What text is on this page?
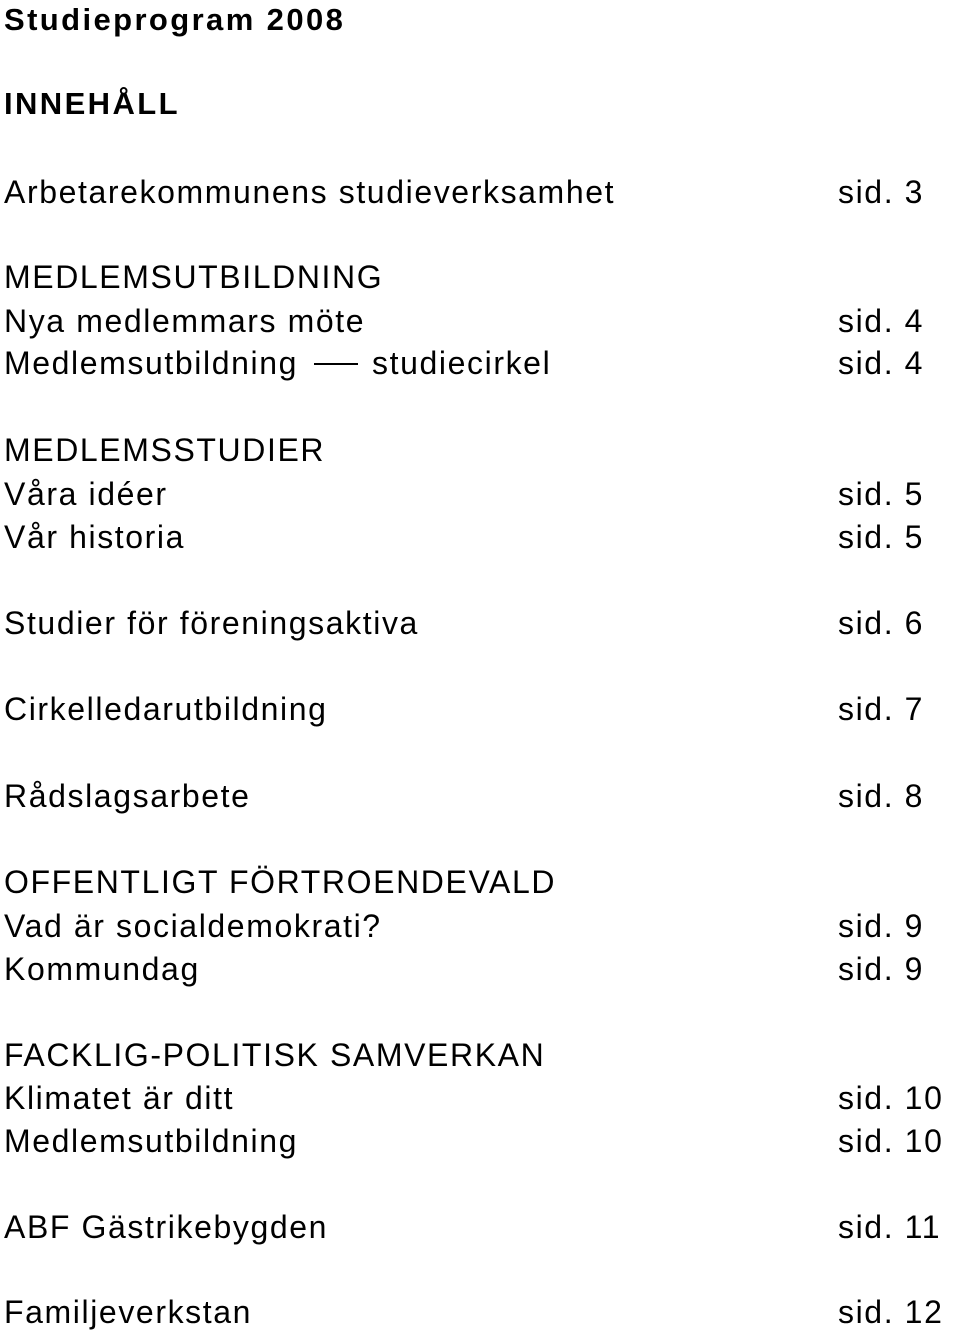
Studieprogram 2008
INNEHÅLL
Arbetarekommunens studieverksamhet	sid. 3
MEDLEMSUTBILDNING
Nya medlemmars möte	sid. 4
Medlemsutbildning studiecirkel	sid. 4
MEDLEMSSTUDIER
Våra idéer	sid. 5
Vår historia	sid. 5
Studier för föreningsaktiva	sid. 6
Cirkelledarutbildning	sid. 7
Rådslagsarbete	sid. 8
OFFENTLIGT FÖRTROENDEVALD
Vad är socialdemokrati?	sid. 9
Kommundag	sid. 9
FACKLIG-POLITISK SAMVERKAN
Klimatet är ditt	sid. 10
Medlemsutbildning	sid. 10
ABF Gästrikebygden	sid. 11
Familjeverkstan	sid. 12
